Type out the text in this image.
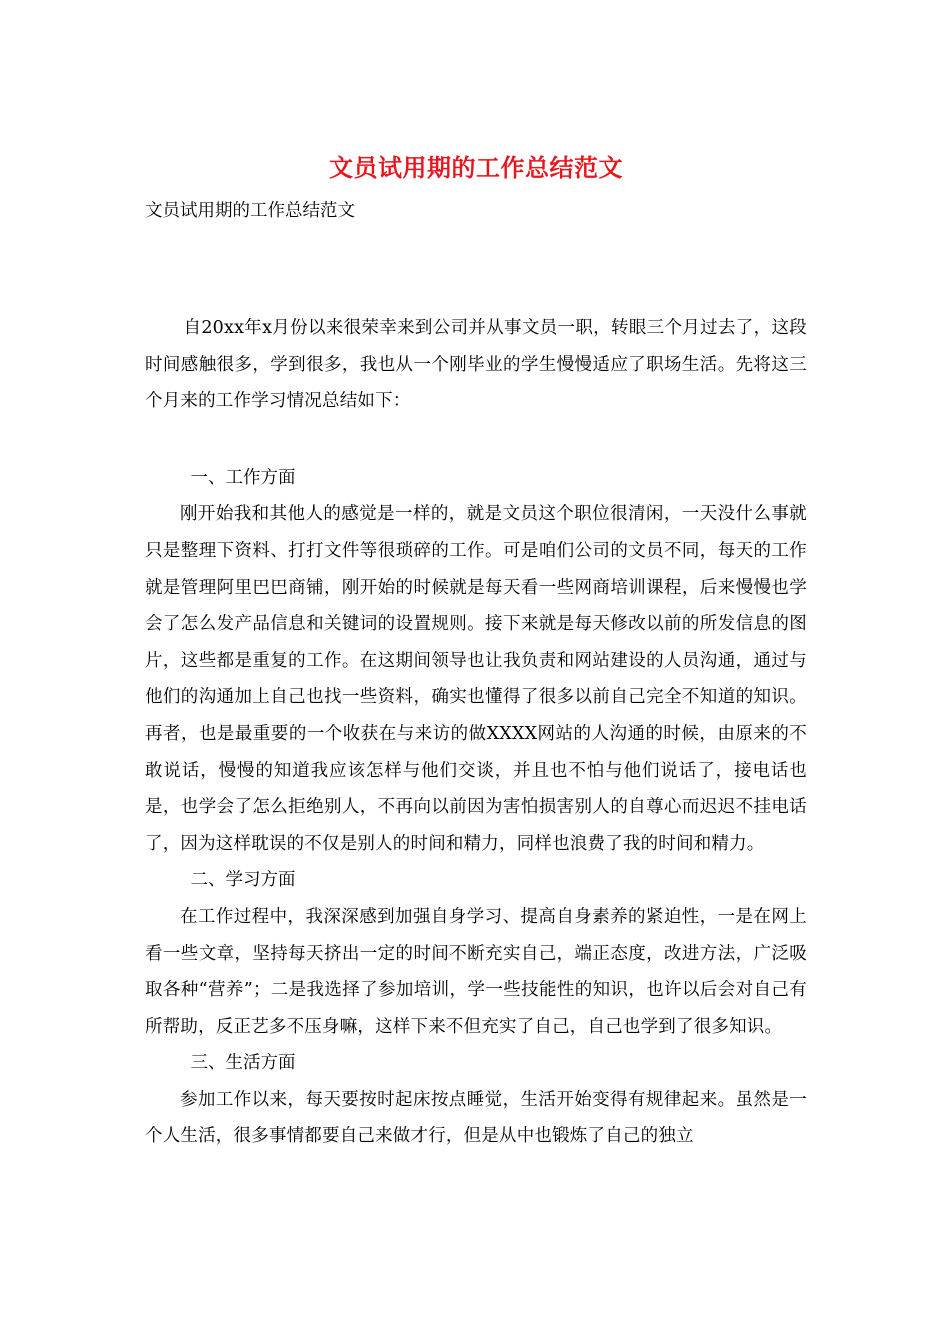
文员试用期的工作总结范文

文员试用期的工作总结范文

自20xx年x月份以来很荣幸来到公司并从事文员一职，转眼三个月过去了，这段时间感触很多，学到很多，我也从一个刚毕业的学生慢慢适应了职场生活。先将这三个月来的工作学习情况总结如下：

一、工作方面

刚开始我和其他人的感觉是一样的，就是文员这个职位很清闲，一天没什么事就只是整理下资料、打打文件等很琐碎的工作。可是咱们公司的文员不同，每天的工作就是管理阿里巴巴商铺，刚开始的时候就是每天看一些网商培训课程，后来慢慢也学会了怎么发产品信息和关键词的设置规则。接下来就是每天修改以前的所发信息的图片，这些都是重复的工作。在这期间领导也让我负责和网站建设的人员沟通，通过与他们的沟通加上自己也找一些资料，确实也懂得了很多以前自己完全不知道的知识。再者，也是最重要的一个收获在与来访的做XXXX网站的人沟通的时候，由原来的不敢说话，慢慢的知道我应该怎样与他们交谈，并且也不怕与他们说话了，接电话也是，也学会了怎么拒绝别人，不再向以前因为害怕损害别人的自尊心而迟迟不挂电话了，因为这样耽误的不仅是别人的时间和精力，同样也浪费了我的时间和精力。

二、学习方面

在工作过程中，我深深感到加强自身学习、提高自身素养的紧迫性，一是在网上看一些文章，坚持每天挤出一定的时间不断充实自己，端正态度，改进方法，广泛吸取各种“营养”；二是我选择了参加培训，学一些技能性的知识，也许以后会对自己有所帮助，反正艺多不压身嘛，这样下来不但充实了自己，自己也学到了很多知识。

三、生活方面

参加工作以来，每天要按时起床按点睡觉，生活开始变得有规律起来。虽然是一个人生活，很多事情都要自己来做才行，但是从中也锻炼了自己的独立
